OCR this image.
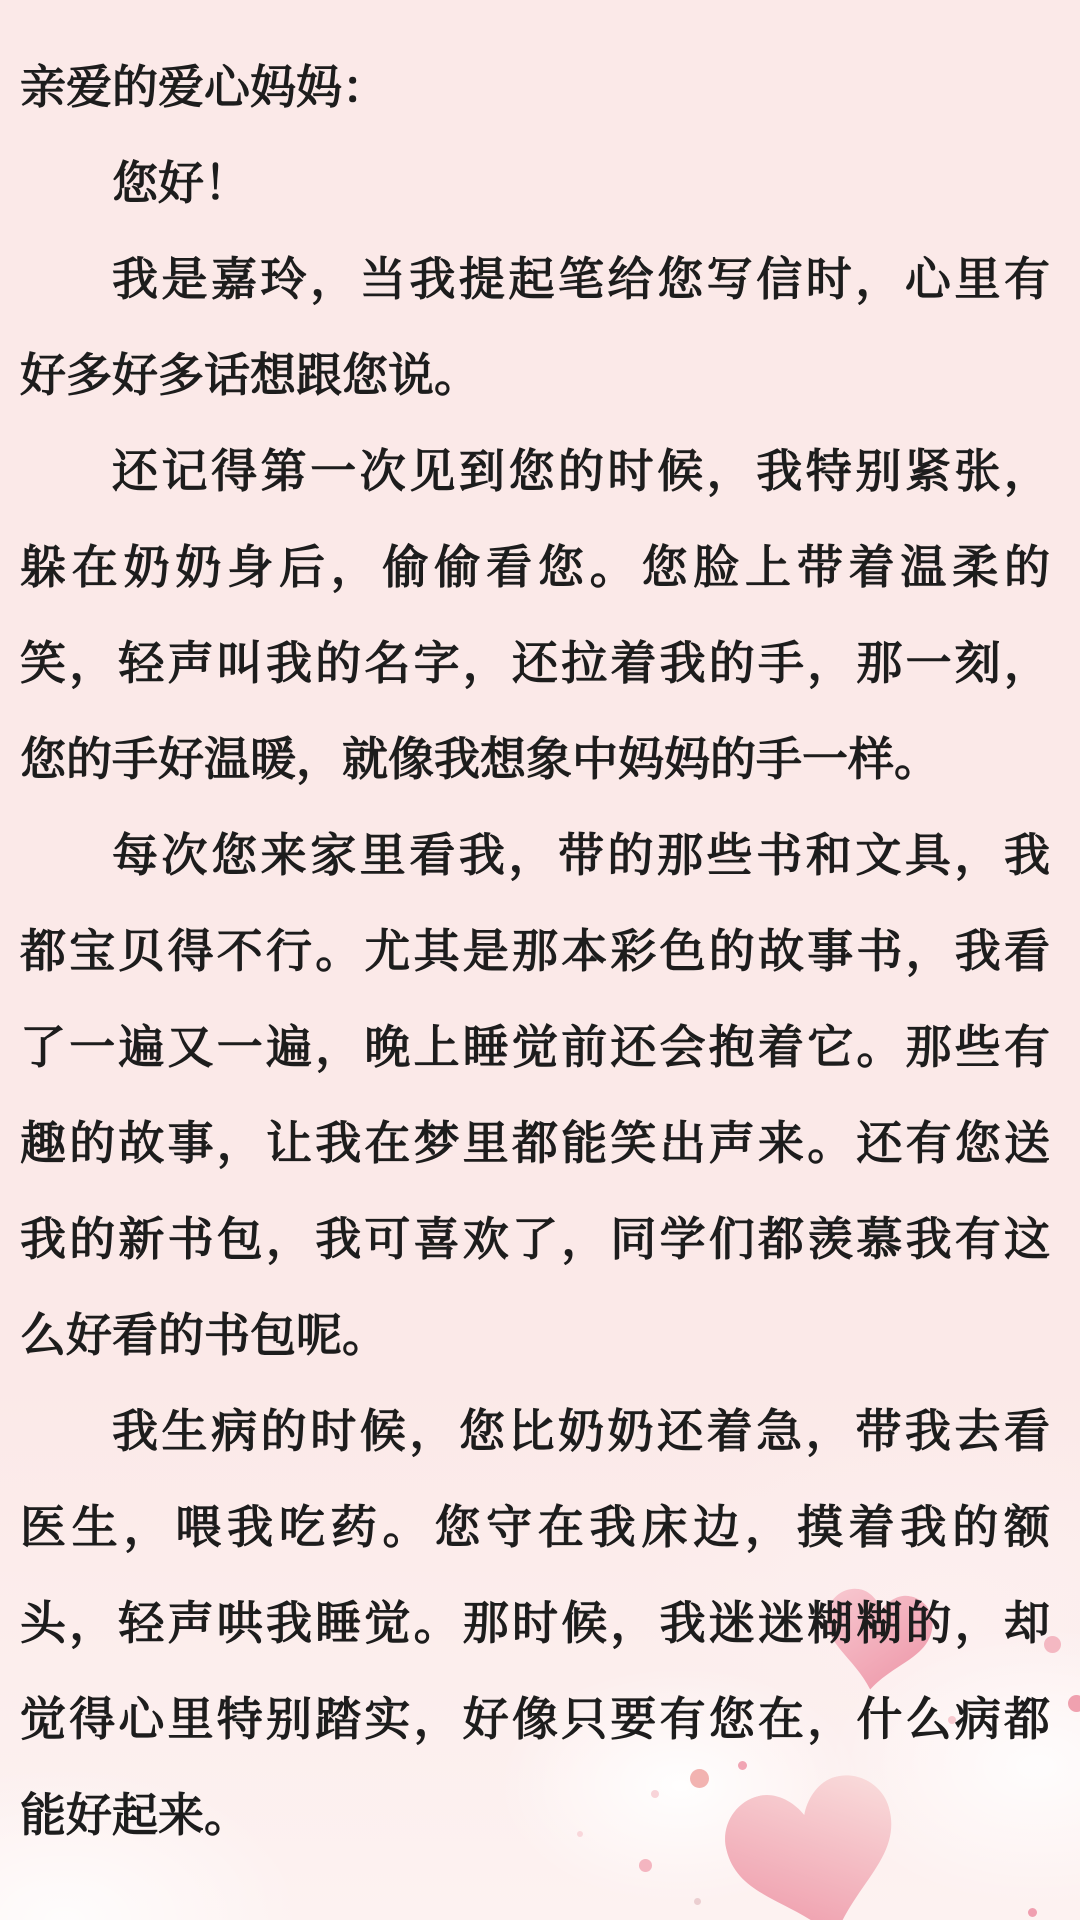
亲爱的爱心妈妈：
您好！
我是嘉玲，当我提起笔给您写信时，心里有
好多好多话想跟您说。
还记得第一次见到您的时候，我特别紧张，
躲在奶奶身后，偷偷看您。您脸上带着温柔的
笑，轻声叫我的名字，还拉着我的手，那一刻，
您的手好温暖，就像我想象中妈妈的手一样。
每次您来家里看我，带的那些书和文具，我
都宝贝得不行。尤其是那本彩色的故事书，我看
了一遍又一遍，晚上睡觉前还会抱着它。那些有
趣的故事，让我在梦里都能笑出声来。还有您送
我的新书包，我可喜欢了，同学们都羡慕我有这
么好看的书包呢。
我生病的时候，您比奶奶还着急，带我去看
医生，喂我吃药。您守在我床边，摸着我的额
头，轻声哄我睡觉。那时候，我迷迷糊糊的，却
觉得心里特别踏实，好像只要有您在，什么病都
能好起来。
